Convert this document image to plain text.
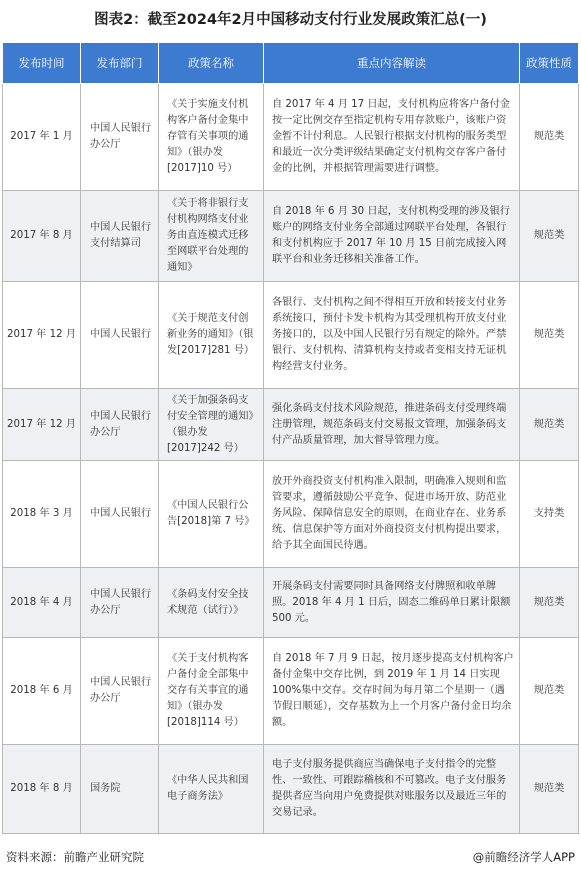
图表2：截至2024年2月中国移动支付行业发展政策汇总(一)
发布时间	发布部门	政策名称	重点内容解读	政策性质
2017 年 1 月	中国人民银行办公厅	《关于实施支付机构客户备付金集中存管有关事项的通知》（银办发[2017]10 号）	自 2017 年 4 月 17 日起，支付机构应将客户备付金按一定比例交存至指定机构专用存款账户，该账户资金暂不计付利息。人民银行根据支付机构的服务类型和最近一次分类评级结果确定支付机构交存客户备付金的比例，并根据管理需要进行调整。	规范类
2017 年 8 月	中国人民银行支付结算司	《关于将非银行支付机构网络支付业务由直连模式迁移至网联平台处理的通知》	自 2018 年 6 月 30 日起，支付机构受理的涉及银行账户的网络支付业务全部通过网联平台处理，各银行和支付机构应于 2017 年 10 月 15 日前完成接入网联平台和业务迁移相关准备工作。	规范类
2017 年 12 月	中国人民银行	《关于规范支付创新业务的通知》（银发[2017]281 号）	各银行、支付机构之间不得相互开放和转接支付业务系统接口，预付卡发卡机构为其受理机构开放支付业务接口的，以及中国人民银行另有规定的除外。严禁银行、支付机构、清算机构支持或者变相支持无证机构经营支付业务。	规范类
2017 年 12 月	中国人民银行办公厅	《关于加强条码支付安全管理的通知》（银办发[2017]242 号）	强化条码支付技术风险规范，推进条码支付受理终端注册管理，规范条码支付交易报文管理，加强条码支付产品质量管理，加大督导管理力度。	规范类
2018 年 3 月	中国人民银行	《中国人民银行公告[2018]第 7 号》	放开外商投资支付机构准入限制，明确准入规则和监管要求，遵循鼓励公平竞争、促进市场开放、防范业务风险、保障信息安全的原则，在商业存在、业务系统、信息保护等方面对外商投资支付机构提出要求，给予其全面国民待遇。	支持类
2018 年 4 月	中国人民银行办公厅	《条码支付安全技术规范（试行）》	开展条码支付需要同时具备网络支付牌照和收单牌照。2018 年 4 月 1 日后，固态二维码单日累计限额 500 元。	规范类
2018 年 6 月	中国人民银行办公厅	《关于支付机构客户备付金全部集中交存有关事宜的通知》（银办发[2018]114 号）	自 2018 年 7 月 9 日起，按月逐步提高支付机构客户备付金集中交存比例，到 2019 年 1 月 14 日实现 100%集中交存。交存时间为每月第二个星期一（遇节假日顺延），交存基数为上一个月客户备付金日均余额。	规范类
2018 年 8 月	国务院	《中华人民共和国电子商务法》	电子支付服务提供商应当确保电子支付指令的完整性、一致性、可跟踪稽核和不可篡改。电子支付服务提供者应当向用户免费提供对账服务以及最近三年的交易记录。	规范类
资料来源：前瞻产业研究院	@前瞻经济学人APP
